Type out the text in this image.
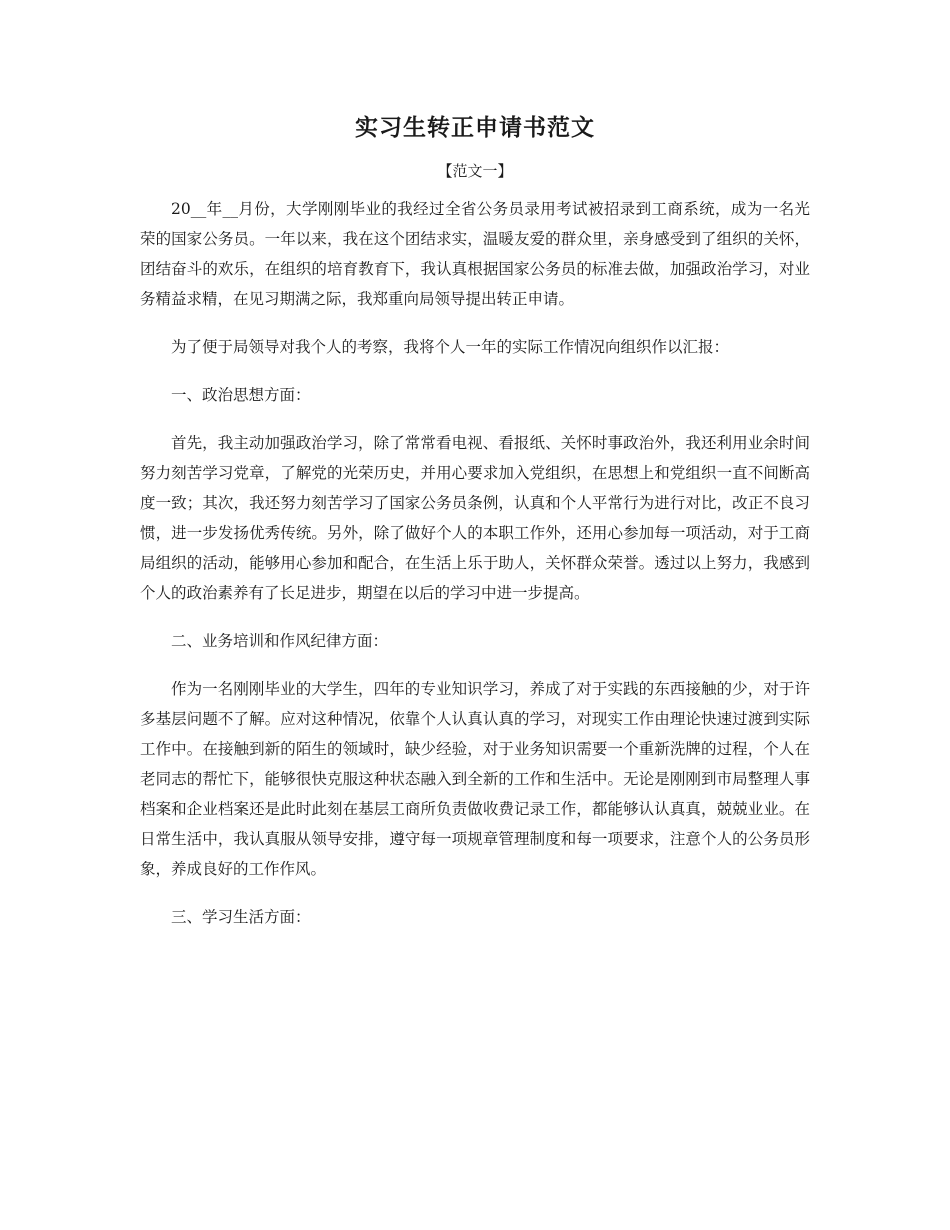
实习生转正申请书范文
【范文一】

20__年__月份，大学刚刚毕业的我经过全省公务员录用考试被招录到工商系统，成为一名光荣的国家公务员。一年以来，我在这个团结求实，温暖友爱的群众里，亲身感受到了组织的关怀，团结奋斗的欢乐，在组织的培育教育下，我认真根据国家公务员的标准去做，加强政治学习，对业务精益求精，在见习期满之际，我郑重向局领导提出转正申请。

为了便于局领导对我个人的考察，我将个人一年的实际工作情况向组织作以汇报：

一、政治思想方面：

首先，我主动加强政治学习，除了常常看电视、看报纸、关怀时事政治外，我还利用业余时间努力刻苦学习党章，了解党的光荣历史，并用心要求加入党组织，在思想上和党组织一直不间断高度一致；其次，我还努力刻苦学习了国家公务员条例，认真和个人平常行为进行对比，改正不良习惯，进一步发扬优秀传统。另外，除了做好个人的本职工作外，还用心参加每一项活动，对于工商局组织的活动，能够用心参加和配合，在生活上乐于助人，关怀群众荣誉。透过以上努力，我感到个人的政治素养有了长足进步，期望在以后的学习中进一步提高。

二、业务培训和作风纪律方面：

作为一名刚刚毕业的大学生，四年的专业知识学习，养成了对于实践的东西接触的少，对于许多基层问题不了解。应对这种情况，依靠个人认真认真的学习，对现实工作由理论快速过渡到实际工作中。在接触到新的陌生的领域时，缺少经验，对于业务知识需要一个重新洗牌的过程，个人在老同志的帮忙下，能够很快克服这种状态融入到全新的工作和生活中。无论是刚刚到市局整理人事档案和企业档案还是此时此刻在基层工商所负责做收费记录工作，都能够认认真真，兢兢业业。在日常生活中，我认真服从领导安排，遵守每一项规章管理制度和每一项要求，注意个人的公务员形象，养成良好的工作作风。

三、学习生活方面：
